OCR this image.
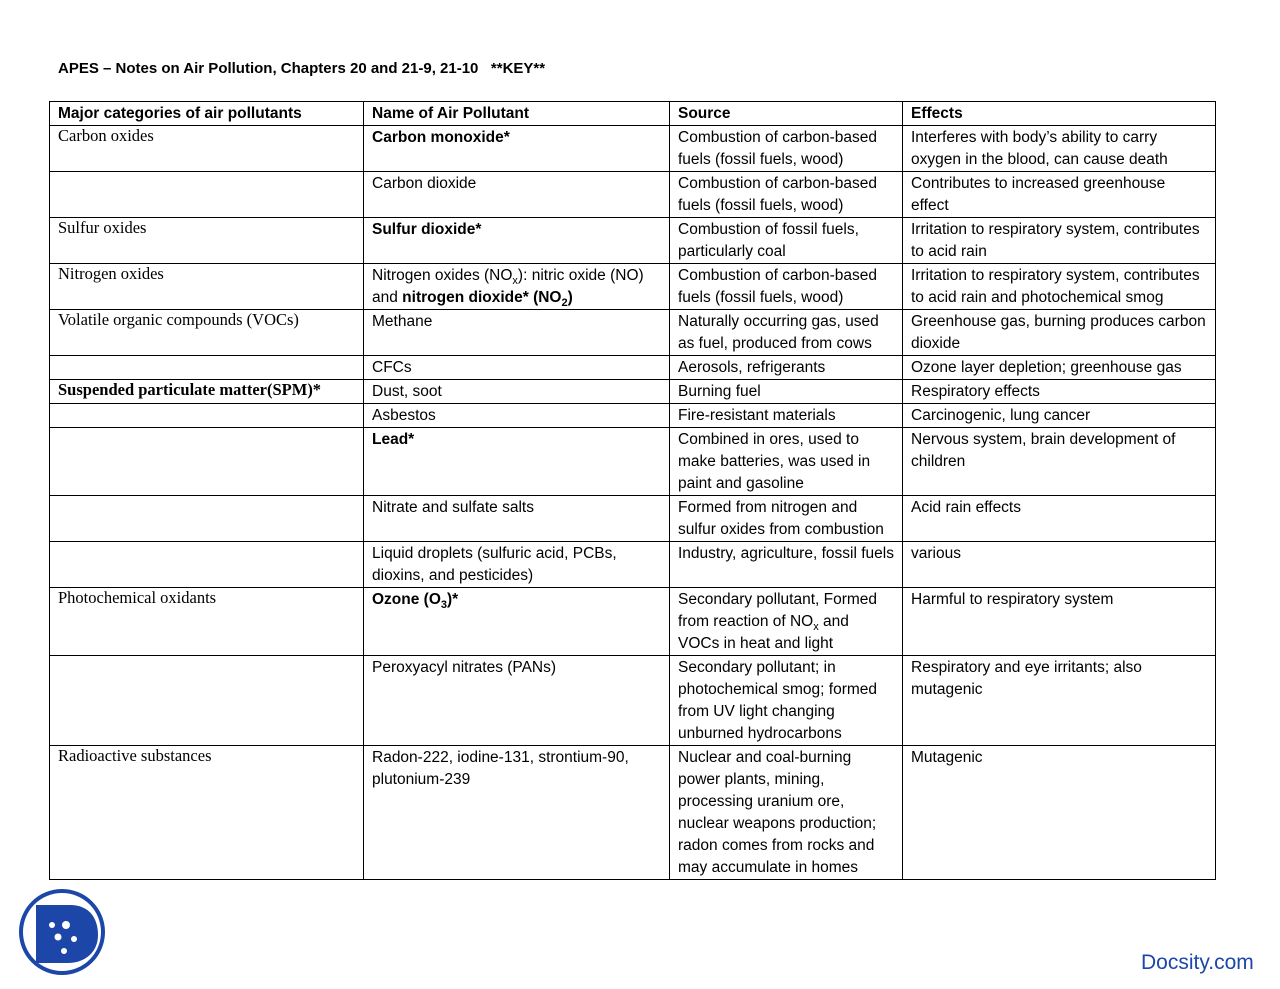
APES – Notes on Air Pollution, Chapters 20 and 21-9, 21-10   **KEY**
Major categories of air pollutants	Name of Air Pollutant	Source	Effects
Carbon oxides	Carbon monoxide*	Combustion of carbon-based fuels (fossil fuels, wood)	Interferes with body’s ability to carry oxygen in the blood, can cause death
	Carbon dioxide	Combustion of carbon-based fuels (fossil fuels, wood)	Contributes to increased greenhouse effect
Sulfur oxides	Sulfur dioxide*	Combustion of fossil fuels, particularly coal	Irritation to respiratory system, contributes to acid rain
Nitrogen oxides	Nitrogen oxides $(NO_x)$: nitric oxide (NO) and nitrogen dioxide* $(NO_2)$	Combustion of carbon-based fuels (fossil fuels, wood)	Irritation to respiratory system, contributes to acid rain and photochemical smog
Volatile organic compounds (VOCs)	Methane	Naturally occurring gas, used as fuel, produced from cows	Greenhouse gas, burning produces carbon dioxide
	CFCs	Aerosols, refrigerants	Ozone layer depletion; greenhouse gas
Suspended particulate matter(SPM)*	Dust, soot	Burning fuel	Respiratory effects
	Asbestos	Fire-resistant materials	Carcinogenic, lung cancer
	Lead*	Combined in ores, used to make batteries, was used in paint and gasoline	Nervous system, brain development of children
	Nitrate and sulfate salts	Formed from nitrogen and sulfur oxides from combustion	Acid rain effects
	Liquid droplets (sulfuric acid, PCBs, dioxins, and pesticides)	Industry, agriculture, fossil fuels	various
Photochemical oxidants	Ozone $(O_3)*$	Secondary pollutant, Formed from reaction of $NO_x$ and VOCs in heat and light	Harmful to respiratory system
	Peroxyacyl nitrates (PANs)	Secondary pollutant; in photochemical smog; formed from UV light changing unburned hydrocarbons	Respiratory and eye irritants; also mutagenic
Radioactive substances	Radon-222, iodine-131, strontium-90, plutonium-239	Nuclear and coal-burning power plants, mining, processing uranium ore, nuclear weapons production; radon comes from rocks and may accumulate in homes	Mutagenic
Docsity.com
